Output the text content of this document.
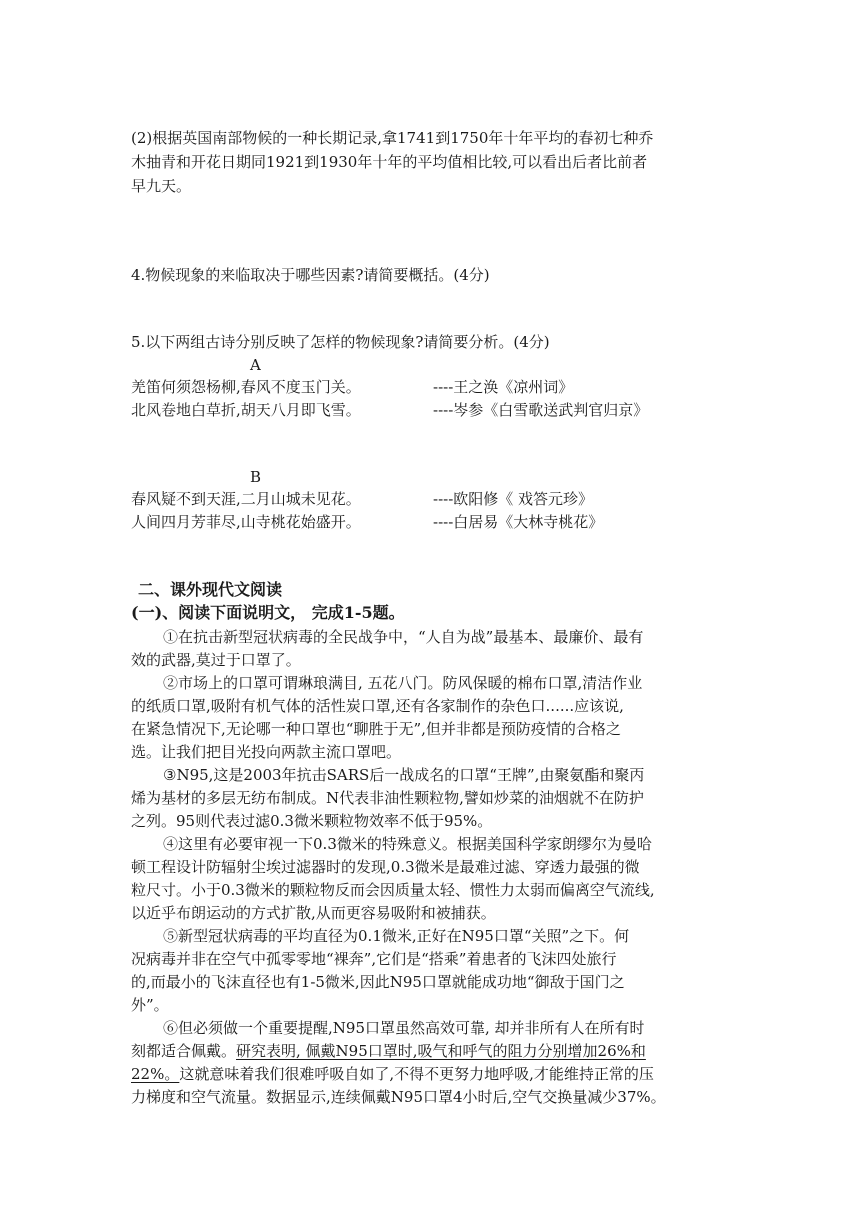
(2)根据英国南部物候的一种长期记录,拿1741到1750年十年平均的春初七种乔
木抽青和开花日期同1921到1930年十年的平均值相比较,可以看出后者比前者
早九天。
4.物候现象的来临取决于哪些因素?请简要概括。(4分)
5.以下两组古诗分别反映了怎样的物候现象?请简要分析。(4分)
A
羌笛何须怨杨柳,春风不度玉门关。	----王之涣《凉州词》
北风卷地白草折,胡天八月即飞雪。	----岑参《白雪歌送武判官归京》
B
春风疑不到天涯,二月山城未见花。	----欧阳修《 戏答元珍》
人间四月芳菲尽,山寺桃花始盛开。	----白居易《大林寺桃花》
二、课外现代文阅读
(一)、阅读下面说明文， 完成1-5题。
①在抗击新型冠状病毒的全民战争中，“人自为战”最基本、最廉价、最有
效的武器,莫过于口罩了。
②市场上的口罩可谓琳琅满目, 五花八门。防风保暖的棉布口罩,清洁作业
的纸质口罩,吸附有机气体的活性炭口罩,还有各家制作的杂色口......应该说,
在紧急情况下,无论哪一种口罩也“聊胜于无”,但并非都是预防疫情的合格之
选。让我们把目光投向两款主流口罩吧。
③N95,这是2003年抗击SARS后一战成名的口罩“王牌”,由聚氨酯和聚丙
烯为基材的多层无纺布制成。N代表非油性颗粒物,譬如炒菜的油烟就不在防护
之列。95则代表过滤0.3微米颗粒物效率不低于95%。
④这里有必要审视一下0.3微米的特殊意义。根据美国科学家朗缪尔为曼哈
顿工程设计防辐射尘埃过滤器时的发现,0.3微米是最难过滤、穿透力最强的微
粒尺寸。小于0.3微米的颗粒物反而会因质量太轻、惯性力太弱而偏离空气流线,
以近乎布朗运动的方式扩散,从而更容易吸附和被捕获。
⑤新型冠状病毒的平均直径为0.1微米,正好在N95口罩“关照”之下。何
况病毒并非在空气中孤零零地“裸奔”,它们是“搭乘”着患者的飞沫四处旅行
的,而最小的飞沫直径也有1-5微米,因此N95口罩就能成功地“御敌于国门之
外”。
⑥但必须做一个重要提醒,N95口罩虽然高效可靠, 却并非所有人在所有时
刻都适合佩戴。研究表明, 佩戴N95口罩时,吸气和呼气的阻力分别增加26%和
22%。这就意味着我们很难呼吸自如了,不得不更努力地呼吸,才能维持正常的压
力梯度和空气流量。数据显示,连续佩戴N95口罩4小时后,空气交换量减少37%。
